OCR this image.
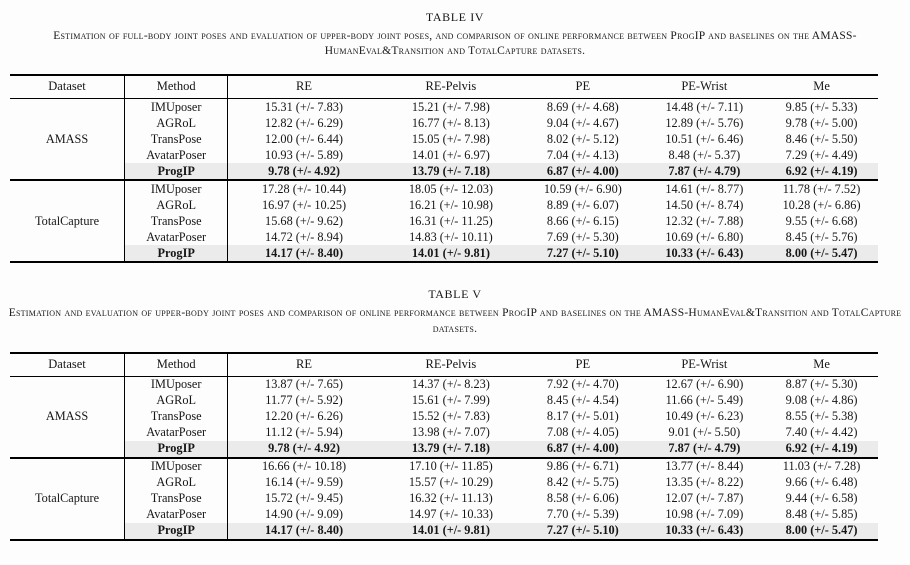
TABLE IV

Estimation of full-body joint poses and evaluation of upper-body joint poses, and comparison of online performance between ProgIP and baselines on the AMASS-HumanEval&Transition and TotalCapture datasets.

Dataset	Method	RE	RE-Pelvis	PE	PE-Wrist	Me
AMASS	IMUposer	15.31 (+/- 7.83)	15.21 (+/- 7.98)	8.69 (+/- 4.68)	14.48 (+/- 7.11)	9.85 (+/- 5.33)
	AGRoL	12.82 (+/- 6.29)	16.77 (+/- 8.13)	9.04 (+/- 4.67)	12.89 (+/- 5.76)	9.78 (+/- 5.00)
	TransPose	12.00 (+/- 6.44)	15.05 (+/- 7.98)	8.02 (+/- 5.12)	10.51 (+/- 6.46)	8.46 (+/- 5.50)
	AvatarPoser	10.93 (+/- 5.89)	14.01 (+/- 6.97)	7.04 (+/- 4.13)	8.48 (+/- 5.37)	7.29 (+/- 4.49)
	ProgIP	9.78 (+/- 4.92)	13.79 (+/- 7.18)	6.87 (+/- 4.00)	7.87 (+/- 4.79)	6.92 (+/- 4.19)
TotalCapture	IMUposer	17.28 (+/- 10.44)	18.05 (+/- 12.03)	10.59 (+/- 6.90)	14.61 (+/- 8.77)	11.78 (+/- 7.52)
	AGRoL	16.97 (+/- 10.25)	16.21 (+/- 10.98)	8.89 (+/- 6.07)	14.50 (+/- 8.74)	10.28 (+/- 6.86)
	TransPose	15.68 (+/- 9.62)	16.31 (+/- 11.25)	8.66 (+/- 6.15)	12.32 (+/- 7.88)	9.55 (+/- 6.68)
	AvatarPoser	14.72 (+/- 8.94)	14.83 (+/- 10.11)	7.69 (+/- 5.30)	10.69 (+/- 6.80)	8.45 (+/- 5.76)
	ProgIP	14.17 (+/- 8.40)	14.01 (+/- 9.81)	7.27 (+/- 5.10)	10.33 (+/- 6.43)	8.00 (+/- 5.47)
TABLE V

Estimation and evaluation of upper-body joint poses and comparison of online performance between ProgIP and baselines on the AMASS-HumanEval&Transition and TotalCapture datasets.

Dataset	Method	RE	RE-Pelvis	PE	PE-Wrist	Me
AMASS	IMUposer	13.87 (+/- 7.65)	14.37 (+/- 8.23)	7.92 (+/- 4.70)	12.67 (+/- 6.90)	8.87 (+/- 5.30)
	AGRoL	11.77 (+/- 5.92)	15.61 (+/- 7.99)	8.45 (+/- 4.54)	11.66 (+/- 5.49)	9.08 (+/- 4.86)
	TransPose	12.20 (+/- 6.26)	15.52 (+/- 7.83)	8.17 (+/- 5.01)	10.49 (+/- 6.23)	8.55 (+/- 5.38)
	AvatarPoser	11.12 (+/- 5.94)	13.98 (+/- 7.07)	7.08 (+/- 4.05)	9.01 (+/- 5.50)	7.40 (+/- 4.42)
	ProgIP	9.78 (+/- 4.92)	13.79 (+/- 7.18)	6.87 (+/- 4.00)	7.87 (+/- 4.79)	6.92 (+/- 4.19)
TotalCapture	IMUposer	16.66 (+/- 10.18)	17.10 (+/- 11.85)	9.86 (+/- 6.71)	13.77 (+/- 8.44)	11.03 (+/- 7.28)
	AGRoL	16.14 (+/- 9.59)	15.57 (+/- 10.29)	8.42 (+/- 5.75)	13.35 (+/- 8.22)	9.66 (+/- 6.48)
	TransPose	15.72 (+/- 9.45)	16.32 (+/- 11.13)	8.58 (+/- 6.06)	12.07 (+/- 7.87)	9.44 (+/- 6.58)
	AvatarPoser	14.90 (+/- 9.09)	14.97 (+/- 10.33)	7.70 (+/- 5.39)	10.98 (+/- 7.09)	8.48 (+/- 5.85)
	ProgIP	14.17 (+/- 8.40)	14.01 (+/- 9.81)	7.27 (+/- 5.10)	10.33 (+/- 6.43)	8.00 (+/- 5.47)
